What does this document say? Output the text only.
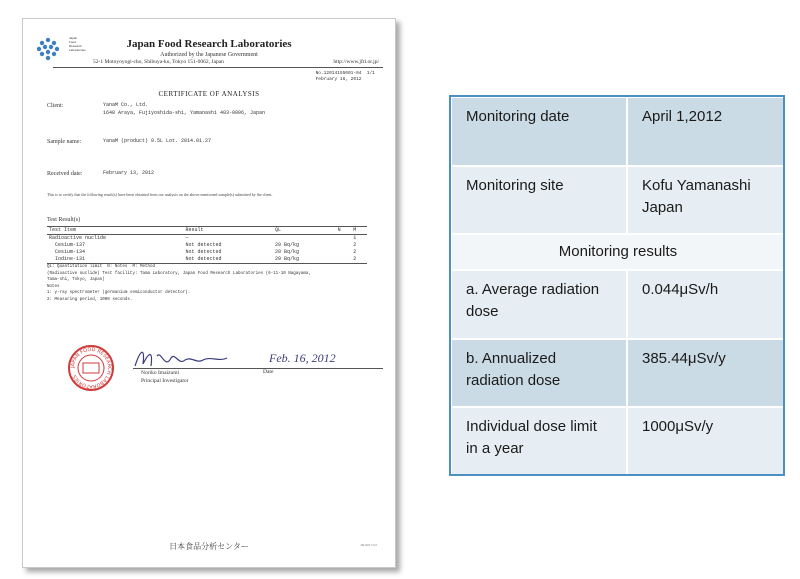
Japan
Food
Research
Laboratories	Japan Food Research Laboratories
Authorized by the Japanese Government
52-1 Motoyoyogi-cho, Shibuya-ku, Tokyo 151-0062, Japan	http://www.jfrl.or.jp/
No.12014155001-04 1/1
February 16, 2012
CERTIFICATE OF ANALYSIS
Client:	YanaM Co., Ltd.
1648 Araya, Fujiyoshida-shi, Yamanashi 403-0006, Japan
Sample name:	YanaM (product) 0.5L Lot. 2014.01.27
Received date:	February 13, 2012
This is to certify that the following result(s) have been obtained from our analysis on the above-mentioned sample(s) submitted by the client.
Test Result(s)
Test Item	Result	QL	N	M
Radioactive nuclide	—			1
Cesium-137	Not detected	20 Bq/kg		2
Cesium-134	Not detected	20 Bq/kg		2
Iodine-131	Not detected	20 Bq/kg		2
QL: Quantitation limit  N: Notes  M: Method
(Radioactive nuclide) Test facility: Tama Laboratory, Japan Food Research Laboratories (6-11-10 Nagayama,
Tama-shi, Tokyo, Japan)
Notes
1: γ-ray spectrometer (germanium semiconductor detector).
2: Measuring period, 1000 seconds.
JAPAN FOOD RESEARCH LABORATORIES
Feb. 16, 2012
Noriko Imaizumi
Principal Investigator
Date
日本食品分析センター	ID-0017-02
Monitoring date	April 1,2012
Monitoring site	Kofu Yamanashi Japan
Monitoring results	
a. Average radiation dose	0.044μSv/h
b. Annualized radiation dose	385.44μSv/y
Individual dose limit in a year	1000μSv/y
